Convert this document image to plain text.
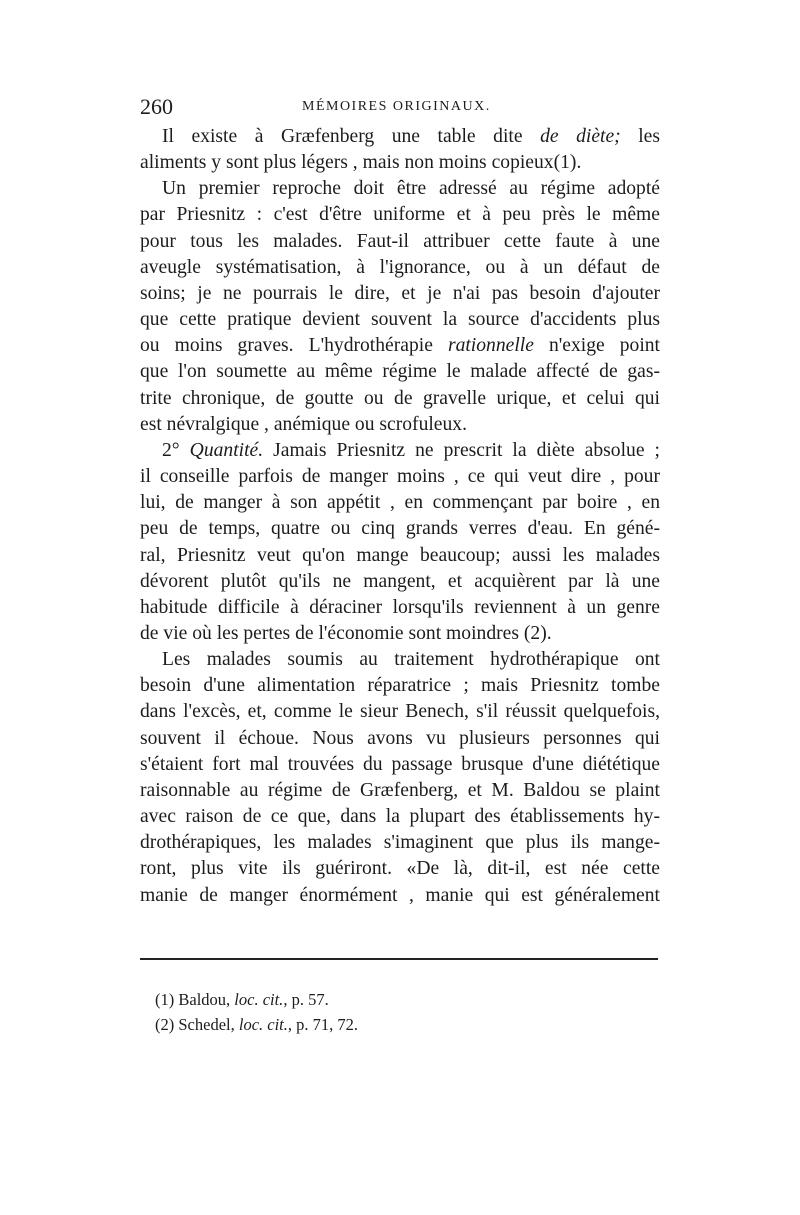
260	MÉMOIRES ORIGINAUX.
Il existe à Græfenberg une table dite de diète; les
aliments y sont plus légers , mais non moins copieux(1).
Un premier reproche doit être adressé au régime adopté
par Priesnitz : c'est d'être uniforme et à peu près le même
pour tous les malades. Faut-il attribuer cette faute à une
aveugle systématisation, à l'ignorance, ou à un défaut de
soins; je ne pourrais le dire, et je n'ai pas besoin d'ajouter
que cette pratique devient souvent la source d'accidents plus
ou moins graves. L'hydrothérapie rationnelle n'exige point
que l'on soumette au même régime le malade affecté de gas-
trite chronique, de goutte ou de gravelle urique, et celui qui
est névralgique , anémique ou scrofuleux.
2° Quantité. Jamais Priesnitz ne prescrit la diète absolue ;
il conseille parfois de manger moins , ce qui veut dire , pour
lui, de manger à son appétit , en commençant par boire , en
peu de temps, quatre ou cinq grands verres d'eau. En géné-
ral, Priesnitz veut qu'on mange beaucoup; aussi les malades
dévorent plutôt qu'ils ne mangent, et acquièrent par là une
habitude difficile à déraciner lorsqu'ils reviennent à un genre
de vie où les pertes de l'économie sont moindres (2).
Les malades soumis au traitement hydrothérapique ont
besoin d'une alimentation réparatrice ; mais Priesnitz tombe
dans l'excès, et, comme le sieur Benech, s'il réussit quelquefois,
souvent il échoue. Nous avons vu plusieurs personnes qui
s'étaient fort mal trouvées du passage brusque d'une diététique
raisonnable au régime de Græfenberg, et M. Baldou se plaint
avec raison de ce que, dans la plupart des établissements hy-
drothérapiques, les malades s'imaginent que plus ils mange-
ront, plus vite ils guériront. «De là, dit-il, est née cette
manie de manger énormément , manie qui est généralement
(1) Baldou, loc. cit., p. 57.
(2) Schedel, loc. cit., p. 71, 72.
